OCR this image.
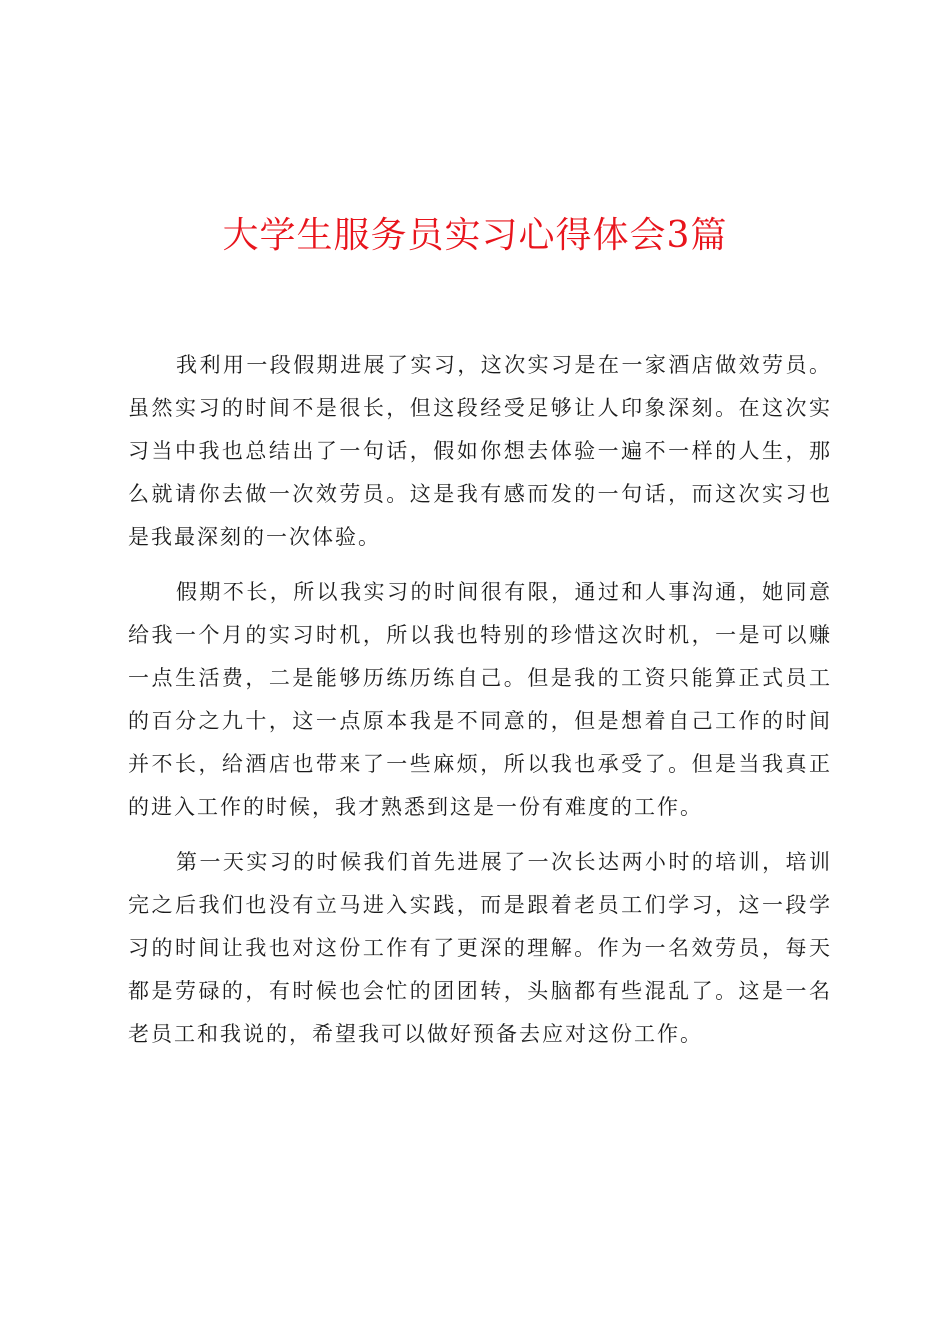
大学生服务员实习心得体会3篇

我利用一段假期进展了实习，这次实习是在一家酒店做效劳员。虽然实习的时间不是很长，但这段经受足够让人印象深刻。在这次实习当中我也总结出了一句话，假如你想去体验一遍不一样的人生，那么就请你去做一次效劳员。这是我有感而发的一句话，而这次实习也是我最深刻的一次体验。

假期不长，所以我实习的时间很有限，通过和人事沟通，她同意给我一个月的实习时机，所以我也特别的珍惜这次时机，一是可以赚一点生活费，二是能够历练历练自己。但是我的工资只能算正式员工的百分之九十，这一点原本我是不同意的，但是想着自己工作的时间并不长，给酒店也带来了一些麻烦，所以我也承受了。但是当我真正的进入工作的时候，我才熟悉到这是一份有难度的工作。

第一天实习的时候我们首先进展了一次长达两小时的培训，培训完之后我们也没有立马进入实践，而是跟着老员工们学习，这一段学习的时间让我也对这份工作有了更深的理解。作为一名效劳员，每天都是劳碌的，有时候也会忙的团团转，头脑都有些混乱了。这是一名老员工和我说的，希望我可以做好预备去应对这份工作。
